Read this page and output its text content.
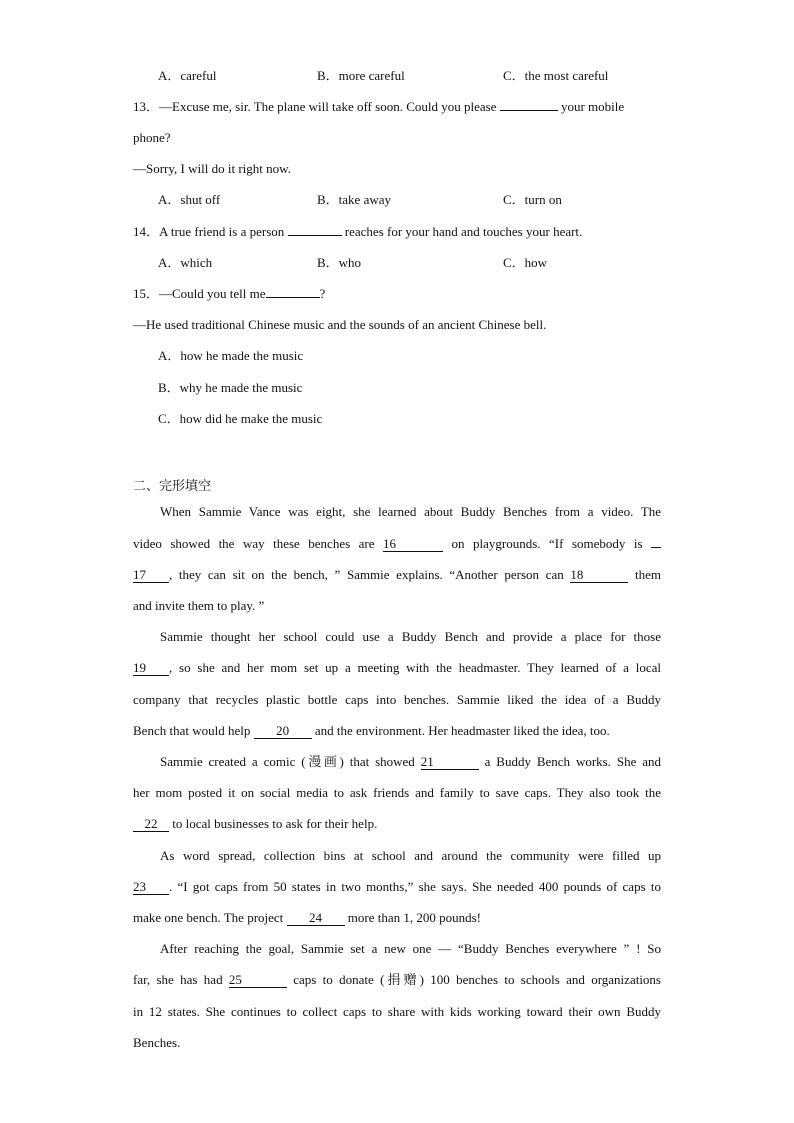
A．careful	B．more careful	C．the most careful
13．—Excuse me, sir. The plane will take off soon. Could you please	your mobile
phone?
—Sorry, I will do it right now.
A．shut off	B．take away	C．turn on
14．A true friend is a person	reaches for your hand and touches your heart.
A．which	B．who	C．how
15．—Could you tell me	?
—He used traditional Chinese music and the sounds of an ancient Chinese bell.
A．how he made the music
B．why he made the music
C．how did he make the music
二、完形填空
When Sammie Vance was eight, she learned about Buddy Benches from a video. The
video showed the way these benches are 16	on playgrounds. “If somebody is
17 , they can sit on the bench, ” Sammie explains. “Another person can 18	them
and invite them to play. ”
Sammie thought her school could use a Buddy Bench and provide a place for those
19 , so she and her mom set up a meeting with the headmaster. They learned of a local
company that recycles plastic bottle caps into benches. Sammie liked the idea of a Buddy
Bench that would help 20 and the environment. Her headmaster liked the idea, too.
Sammie created a comic (漫画) that showed 21	a Buddy Bench works. She and
her mom posted it on social media to ask friends and family to save caps. They also took the
22 to local businesses to ask for their help.
As word spread, collection bins at school and around the community were filled up
23 . “I got caps from 50 states in two months,” she says. She needed 400 pounds of caps to
make one bench. The project 24 more than 1, 200 pounds!
After reaching the goal, Sammie set a new one — “Buddy Benches everywhere ” ! So
far, she has had 25	caps to donate (捐赠) 100 benches to schools and organizations
in 12 states. She continues to collect caps to share with kids working toward their own Buddy
Benches.
